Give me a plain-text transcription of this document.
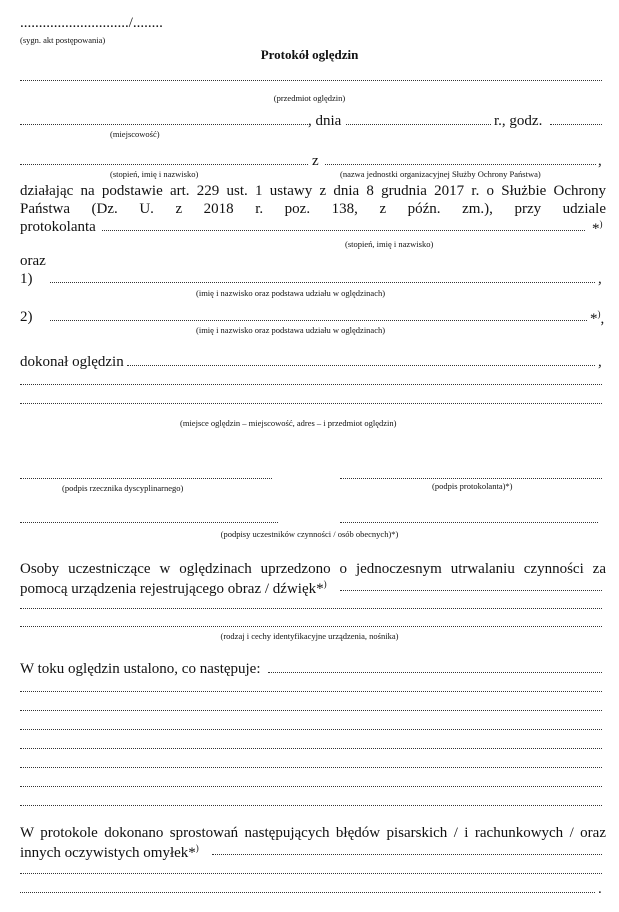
............................./........
(sygn. akt postępowania)
Protokół oględzin
(przedmiot oględzin)
, dnia	r., godz.
(miejscowość)
z	,
(stopień, imię i nazwisko)	(nazwa jednostki organizacyjnej Służby Ochrony Państwa)
działając na podstawie art. 229 ust. 1 ustawy z dnia 8 grudnia 2017 r. o Służbie Ochrony
Państwa (Dz. U. z 2018 r. poz. 138, z późn. zm.), przy udziale
protokolanta	*)
(stopień, imię i nazwisko)
oraz
1)	,
(imię i nazwisko oraz podstawa udziału w oględzinach)
2)	*),
(imię i nazwisko oraz podstawa udziału w oględzinach)
dokonał oględzin	,
(miejsce oględzin – miejscowość, adres – i przedmiot oględzin)
(podpis rzecznika dyscyplinarnego)	(podpis protokolanta)*)
(podpisy uczestników czynności / osób obecnych)*)
Osoby uczestniczące w oględzinach uprzedzono o jednoczesnym utrwalaniu czynności za
pomocą urządzenia rejestrującego obraz / dźwięk*)
(rodzaj i cechy identyfikacyjne urządzenia, nośnika)
W toku oględzin ustalono, co następuje:
W protokole dokonano sprostowań następujących błędów pisarskich / i rachunkowych / oraz
innych oczywistych omyłek*)
.
